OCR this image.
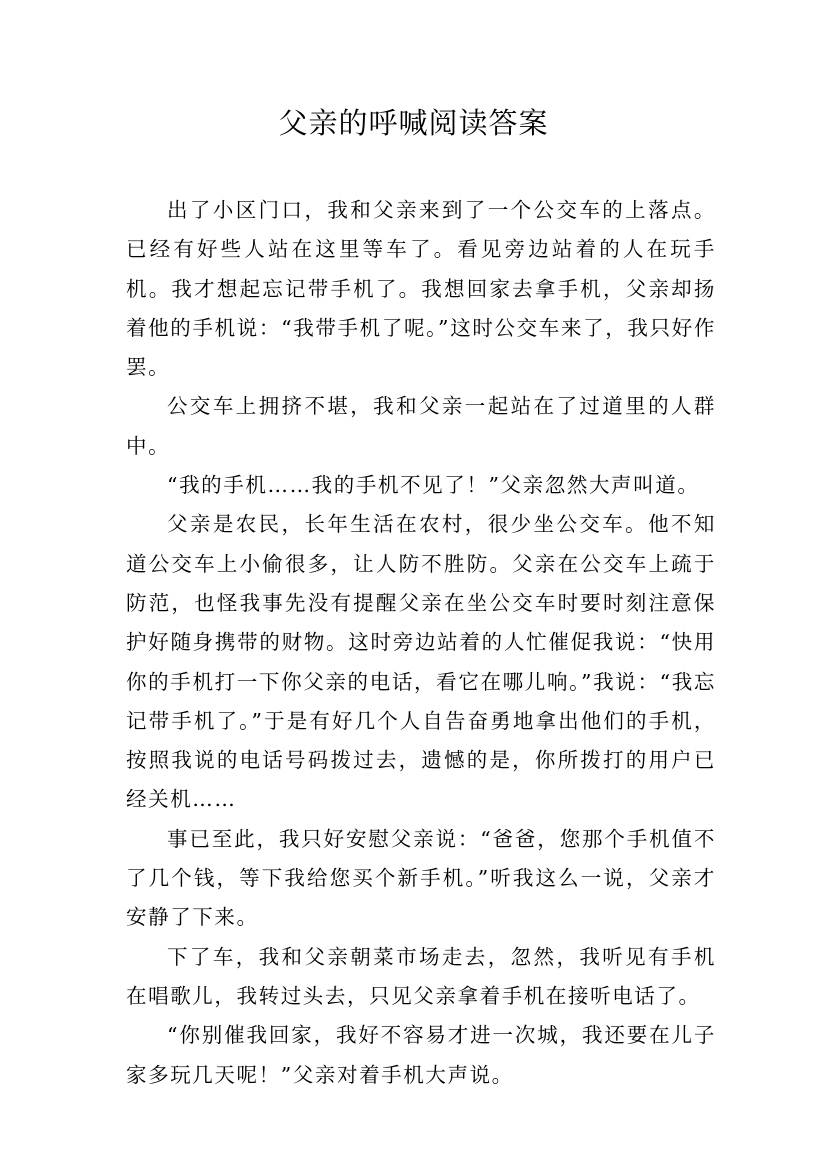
父亲的呼喊阅读答案

出了小区门口，我和父亲来到了一个公交车的上落点。已经有好些人站在这里等车了。看见旁边站着的人在玩手机。我才想起忘记带手机了。我想回家去拿手机，父亲却扬着他的手机说：“我带手机了呢。”这时公交车来了，我只好作罢。

公交车上拥挤不堪，我和父亲一起站在了过道里的人群中。

“我的手机……我的手机不见了！”父亲忽然大声叫道。

父亲是农民，长年生活在农村，很少坐公交车。他不知道公交车上小偷很多，让人防不胜防。父亲在公交车上疏于防范，也怪我事先没有提醒父亲在坐公交车时要时刻注意保护好随身携带的财物。这时旁边站着的人忙催促我说：“快用你的手机打一下你父亲的电话，看它在哪儿响。”我说：“我忘记带手机了。”于是有好几个人自告奋勇地拿出他们的手机，按照我说的电话号码拨过去，遗憾的是，你所拨打的用户已经关机……

事已至此，我只好安慰父亲说：“爸爸，您那个手机值不了几个钱，等下我给您买个新手机。”听我这么一说，父亲才安静了下来。

下了车，我和父亲朝菜市场走去，忽然，我听见有手机在唱歌儿，我转过头去，只见父亲拿着手机在接听电话了。

“你别催我回家，我好不容易才进一次城，我还要在儿子家多玩几天呢！”父亲对着手机大声说。
